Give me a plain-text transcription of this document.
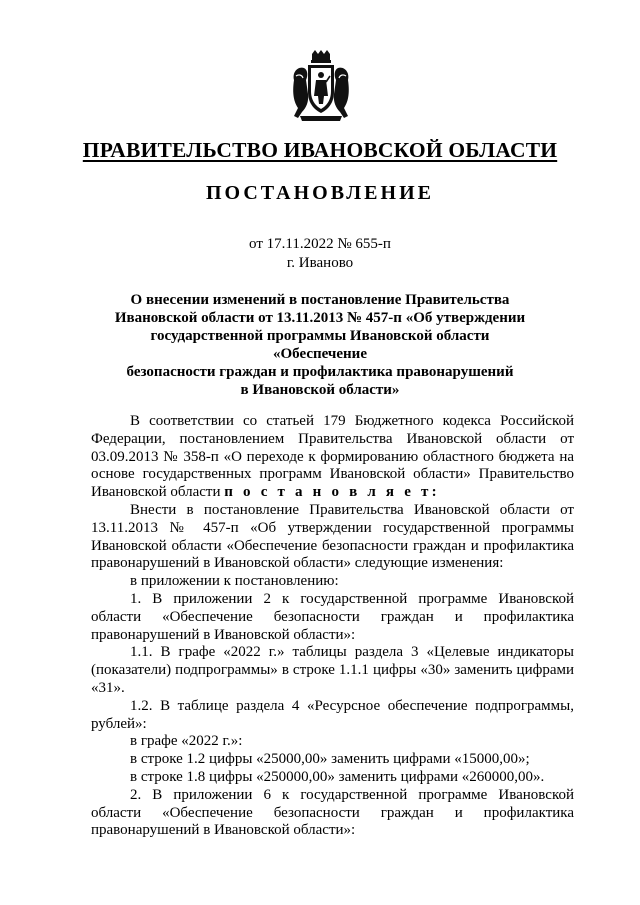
ПРАВИТЕЛЬСТВО ИВАНОВСКОЙ ОБЛАСТИ
ПОСТАНОВЛЕНИЕ
от 17.11.2022 № 655-п
г. Иваново
О внесении изменений в постановление Правительства
Ивановской области от 13.11.2013 № 457-п «Об утверждении
государственной программы Ивановской области «Обеспечение
безопасности граждан и профилактика правонарушений
в Ивановской области»

В соответствии со статьей 179 Бюджетного кодекса Российской Федерации, постановлением Правительства Ивановской области от 03.09.2013 № 358-п «О переходе к формированию областного бюджета на основе государственных программ Ивановской области» Правительство Ивановской области п о с т а н о в л я е т:

Внести в постановление Правительства Ивановской области от 13.11.2013 № 457-п «Об утверждении государственной программы Ивановской области «Обеспечение безопасности граждан и профилактика правонарушений в Ивановской области» следующие изменения:

в приложении к постановлению:

1. В приложении 2 к государственной программе Ивановской области «Обеспечение безопасности граждан и профилактика правонарушений в Ивановской области»:

1.1. В графе «2022 г.» таблицы раздела 3 «Целевые индикаторы (показатели) подпрограммы» в строке 1.1.1 цифры «30» заменить цифрами «31».

1.2. В таблице раздела 4 «Ресурсное обеспечение подпрограммы, рублей»:

в графе «2022 г.»:

в строке 1.2 цифры «25000,00» заменить цифрами «15000,00»;

в строке 1.8 цифры «250000,00» заменить цифрами «260000,00».

2. В приложении 6 к государственной программе Ивановской области «Обеспечение безопасности граждан и профилактика правонарушений в Ивановской области»:
